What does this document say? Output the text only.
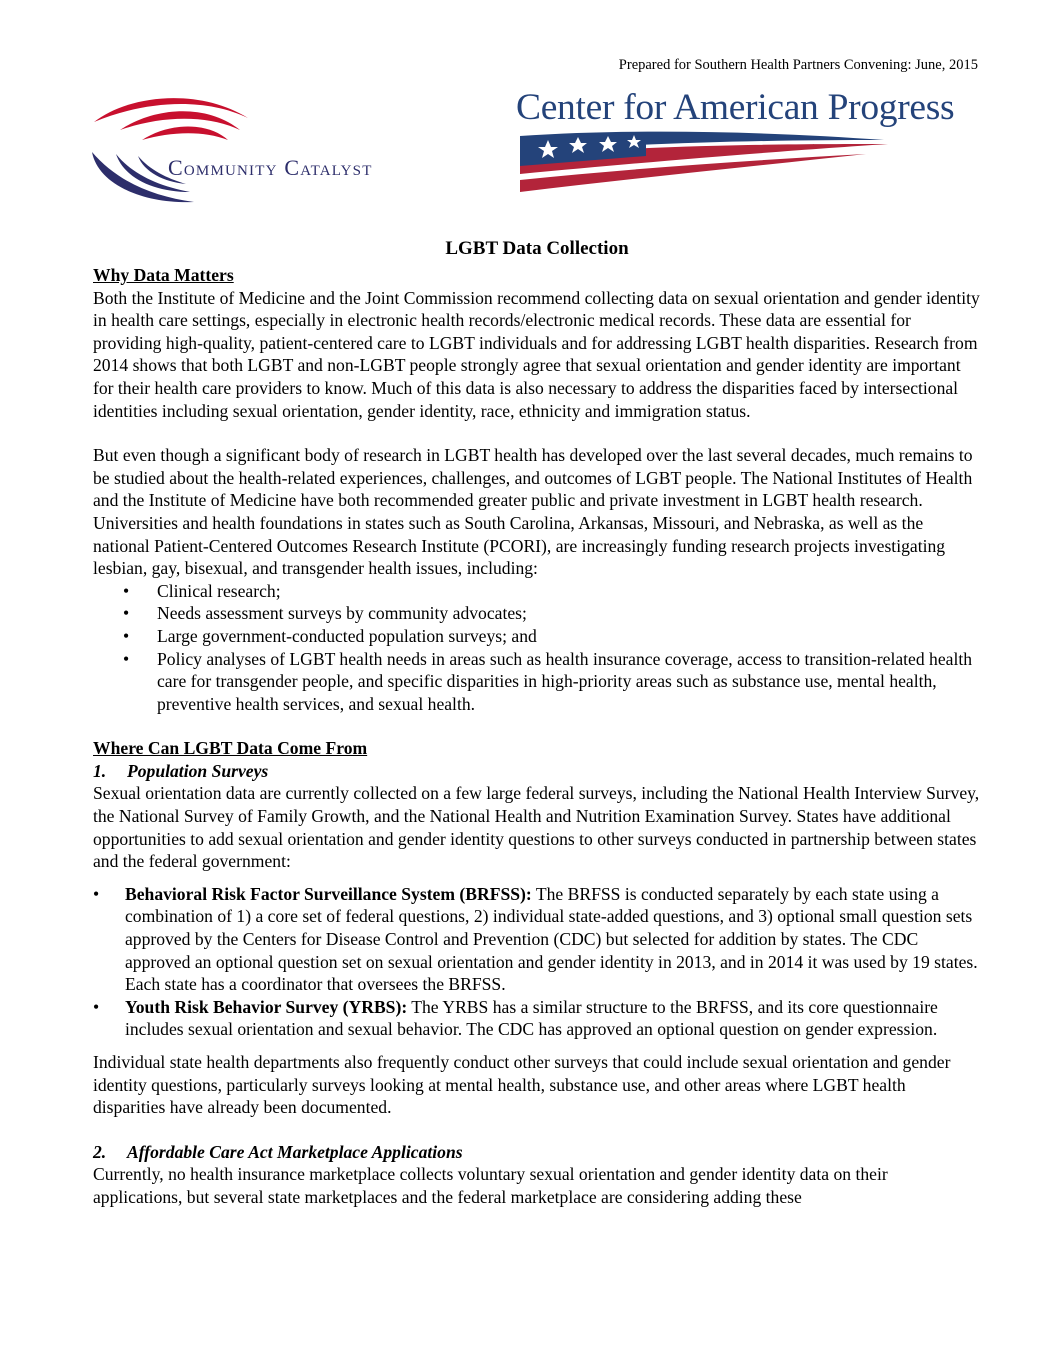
Prepared for Southern Health Partners Convening: June, 2015
Community Catalyst
Center for American Progress

LGBT Data Collection

Why Data Matters

Both the Institute of Medicine and the Joint Commission recommend collecting data on sexual orientation and gender identity in health care settings, especially in electronic health records/electronic medical records. These data are essential for providing high-quality, patient-centered care to LGBT individuals and for addressing LGBT health disparities. Research from 2014 shows that both LGBT and non-LGBT people strongly agree that sexual orientation and gender identity are important for their health care providers to know. Much of this data is also necessary to address the disparities faced by intersectional identities including sexual orientation, gender identity, race, ethnicity and immigration status.

But even though a significant body of research in LGBT health has developed over the last several decades, much remains to be studied about the health-related experiences, challenges, and outcomes of LGBT people. The National Institutes of Health and the Institute of Medicine have both recommended greater public and private investment in LGBT health research. Universities and health foundations in states such as South Carolina, Arkansas, Missouri, and Nebraska, as well as the national Patient-Centered Outcomes Research Institute (PCORI), are increasingly funding research projects investigating lesbian, gay, bisexual, and transgender health issues, including:

• Clinical research;
• Needs assessment surveys by community advocates;
• Large government-conducted population surveys; and
• Policy analyses of LGBT health needs in areas such as health insurance coverage, access to transition-related health care for transgender people, and specific disparities in high-priority areas such as substance use, mental health, preventive health services, and sexual health.

Where Can LGBT Data Come From

1. Population Surveys

Sexual orientation data are currently collected on a few large federal surveys, including the National Health Interview Survey, the National Survey of Family Growth, and the National Health and Nutrition Examination Survey. States have additional opportunities to add sexual orientation and gender identity questions to other surveys conducted in partnership between states and the federal government:

• Behavioral Risk Factor Surveillance System (BRFSS): The BRFSS is conducted separately by each state using a combination of 1) a core set of federal questions, 2) individual state-added questions, and 3) optional small question sets approved by the Centers for Disease Control and Prevention (CDC) but selected for addition by states. The CDC approved an optional question set on sexual orientation and gender identity in 2013, and in 2014 it was used by 19 states. Each state has a coordinator that oversees the BRFSS.
• Youth Risk Behavior Survey (YRBS): The YRBS has a similar structure to the BRFSS, and its core questionnaire includes sexual orientation and sexual behavior. The CDC has approved an optional question on gender expression.

Individual state health departments also frequently conduct other surveys that could include sexual orientation and gender identity questions, particularly surveys looking at mental health, substance use, and other areas where LGBT health disparities have already been documented.

2. Affordable Care Act Marketplace Applications

Currently, no health insurance marketplace collects voluntary sexual orientation and gender identity data on their applications, but several state marketplaces and the federal marketplace are considering adding these
